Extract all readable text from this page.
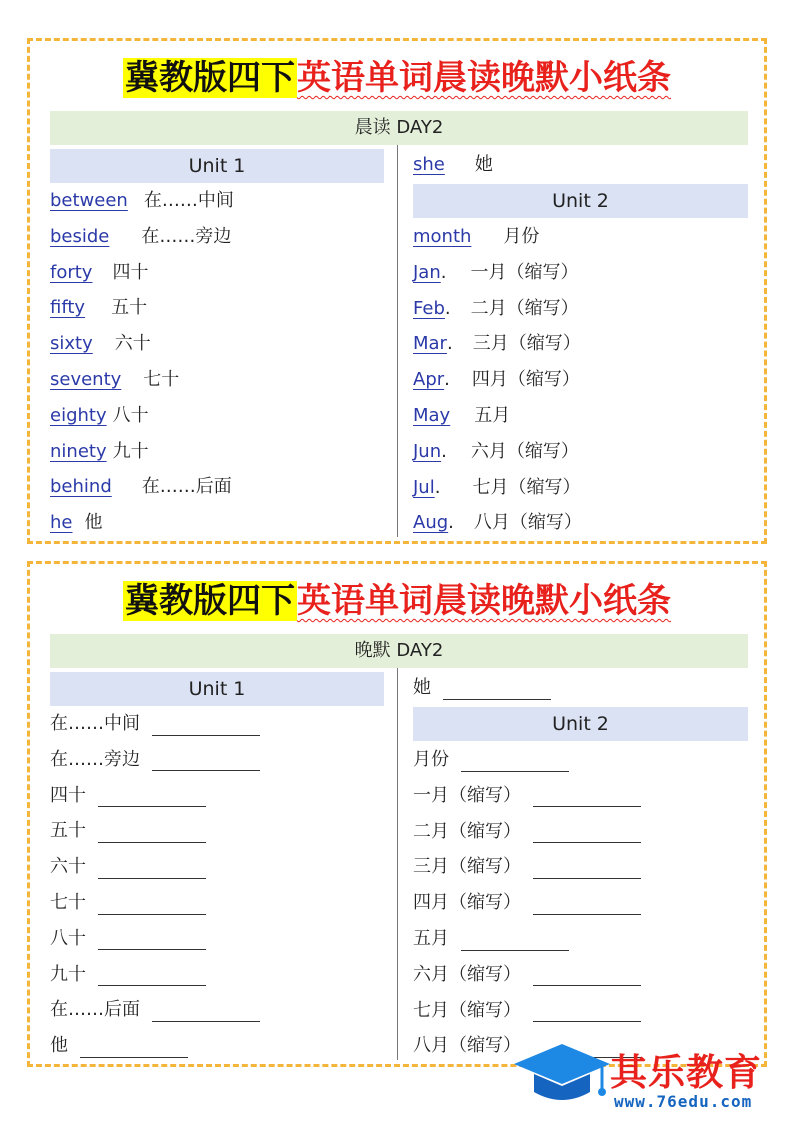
冀教版四下英语单词晨读晚默小纸条
晨读 DAY2
Unit 1
between 在……中间
beside 在……旁边
forty 四十
fifty 五十
sixty 六十
seventy 七十
eighty 八十
ninety 九十
behind 在……后面
he 他
she 她
Unit 2
month 月份
Jan. 一月（缩写）
Feb. 二月（缩写）
Mar. 三月（缩写）
Apr. 四月（缩写）
May 五月
Jun. 六月（缩写）
Jul. 七月（缩写）
Aug. 八月（缩写）
冀教版四下英语单词晨读晚默小纸条
晚默 DAY2
Unit 1
在……中间
在……旁边
四十
五十
六十
七十
八十
九十
在……后面
他
她
Unit 2
月份
一月（缩写）
二月（缩写）
三月（缩写）
四月（缩写）
五月
六月（缩写）
七月（缩写）
八月（缩写）
其乐教育
www.76edu.com
